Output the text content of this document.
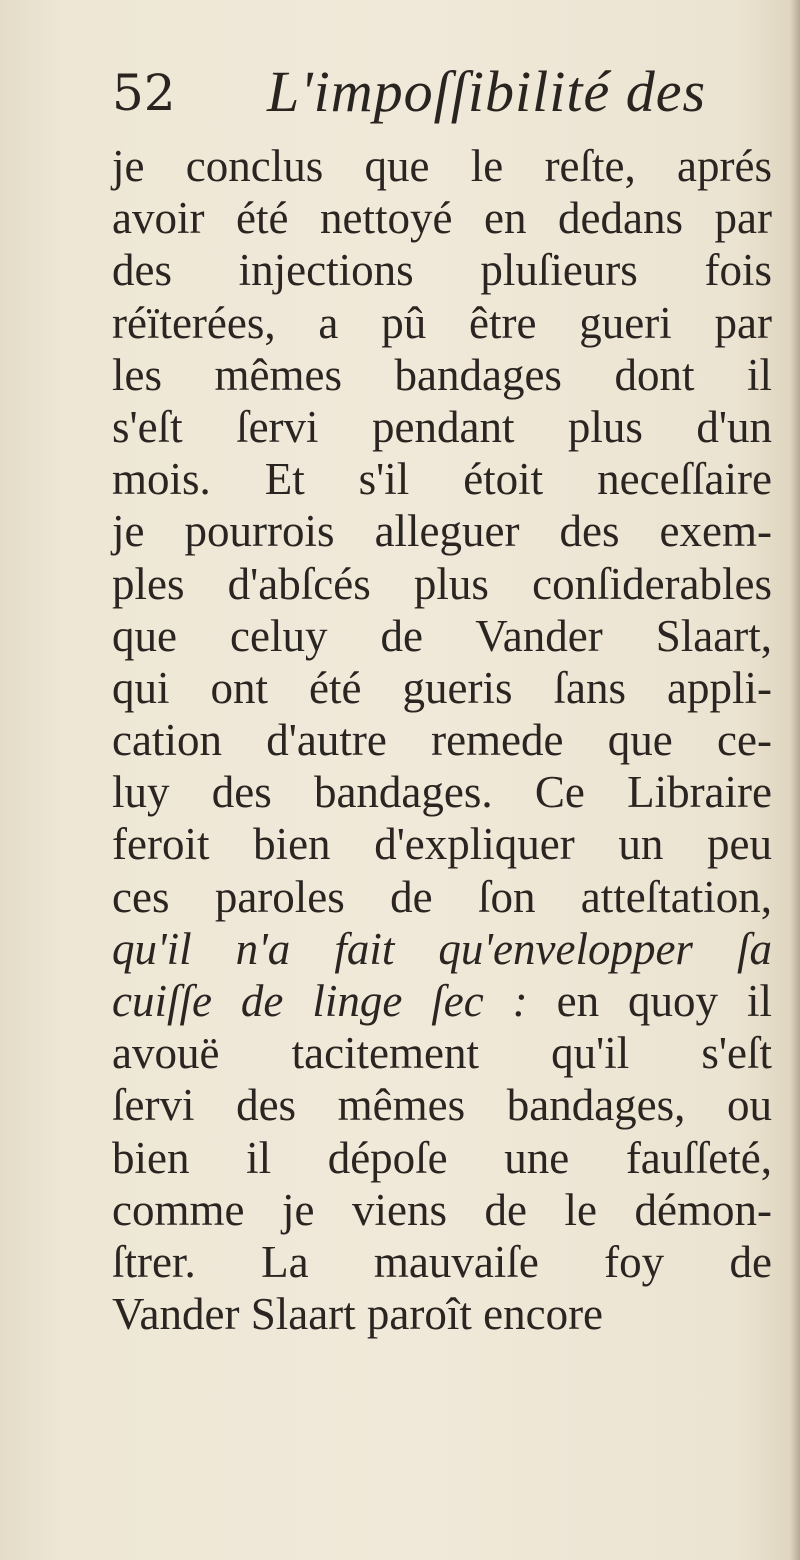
52 L'impoſſibilité des
je conclus que le reſte, aprés
avoir été nettoyé en dedans par
des injections pluſieurs fois
réïterées, a pû être gueri par
les mêmes bandages dont il
s'eſt ſervi pendant plus d'un
mois. Et s'il étoit neceſſaire
je pourrois alleguer des exem-
ples d'abſcés plus conſiderables
que celuy de Vander Slaart,
qui ont été gueris ſans appli-
cation d'autre remede que ce-
luy des bandages. Ce Libraire
feroit bien d'expliquer un peu
ces paroles de ſon atteſtation,
qu'il n'a fait qu'envelopper ſa
cuiſſe de linge ſec : en quoy il
avouë tacitement qu'il s'eſt
ſervi des mêmes bandages, ou
bien il dépoſe une fauſſeté,
comme je viens de le démon-
ſtrer. La mauvaiſe foy de
Vander Slaart paroît encore
